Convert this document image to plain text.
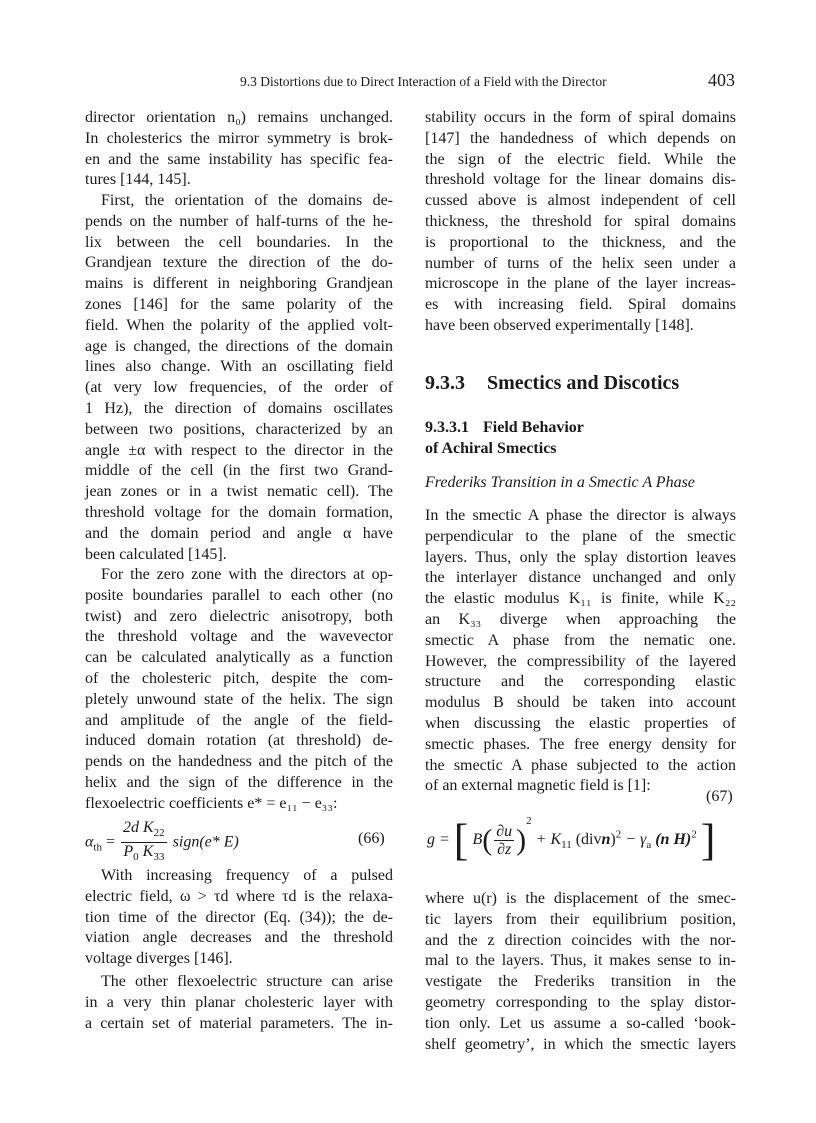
9.3 Distortions due to Direct Interaction of a Field with the Director	403
director orientation n₀) remains unchanged.
In cholesterics the mirror symmetry is brok-
en and the same instability has specific fea-
tures [144, 145].
First, the orientation of the domains de-
pends on the number of half-turns of the he-
lix between the cell boundaries. In the
Grandjean texture the direction of the do-
mains is different in neighboring Grandjean
zones [146] for the same polarity of the
field. When the polarity of the applied volt-
age is changed, the directions of the domain
lines also change. With an oscillating field
(at very low frequencies, of the order of
1 Hz), the direction of domains oscillates
between two positions, characterized by an
angle ±α with respect to the director in the
middle of the cell (in the first two Grand-
jean zones or in a twist nematic cell). The
threshold voltage for the domain formation,
and the domain period and angle α have
been calculated [145].
For the zero zone with the directors at op-
posite boundaries parallel to each other (no
twist) and zero dielectric anisotropy, both
the threshold voltage and the wavevector
can be calculated analytically as a function
of the cholesteric pitch, despite the com-
pletely unwound state of the helix. The sign
and amplitude of the angle of the field-
induced domain rotation (at threshold) de-
pends on the handedness and the pitch of the
helix and the sign of the difference in the
flexoelectric coefficients e* = e₁₁ − e₃₃:
$\alpha_{th} = \frac{2d K_{22}}{P_0 K_{33}}$ sign(e* E)	(66)
With increasing frequency of a pulsed
electric field, ω > τd where τd is the relaxa-
tion time of the director (Eq. (34)); the de-
viation angle decreases and the threshold
voltage diverges [146].
The other flexoelectric structure can arise
in a very thin planar cholesteric layer with
a certain set of material parameters. The in-
stability occurs in the form of spiral domains
[147] the handedness of which depends on
the sign of the electric field. While the
threshold voltage for the linear domains dis-
cussed above is almost independent of cell
thickness, the threshold for spiral domains
is proportional to the thickness, and the
number of turns of the helix seen under a
microscope in the plane of the layer increas-
es with increasing field. Spiral domains
have been observed experimentally [148].
9.3.3 Smectics and Discotics
9.3.3.1 Field Behavior
of Achiral Smectics
Frederiks Transition in a Smectic A Phase
In the smectic A phase the director is always
perpendicular to the plane of the smectic
layers. Thus, only the splay distortion leaves
the interlayer distance unchanged and only
the elastic modulus K₁₁ is finite, while K₂₂
an K₃₃ diverge when approaching the
smectic A phase from the nematic one.
However, the compressibility of the layered
structure and the corresponding elastic
modulus B should be taken into account
when discussing the elastic properties of
smectic phases. The free energy density for
the smectic A phase subjected to the action
of an external magnetic field is [1]:
(67)
g = [ $B( \frac{\partial u}{\partial z} )^2 + K_{11}$ (divn)$^2$ − $\gamma_a$ (n H)$^2$ ]
where u(r) is the displacement of the smec-
tic layers from their equilibrium position,
and the z direction coincides with the nor-
mal to the layers. Thus, it makes sense to in-
vestigate the Frederiks transition in the
geometry corresponding to the splay distor-
tion only. Let us assume a so-called ‘book-
shelf geometry’, in which the smectic layers
